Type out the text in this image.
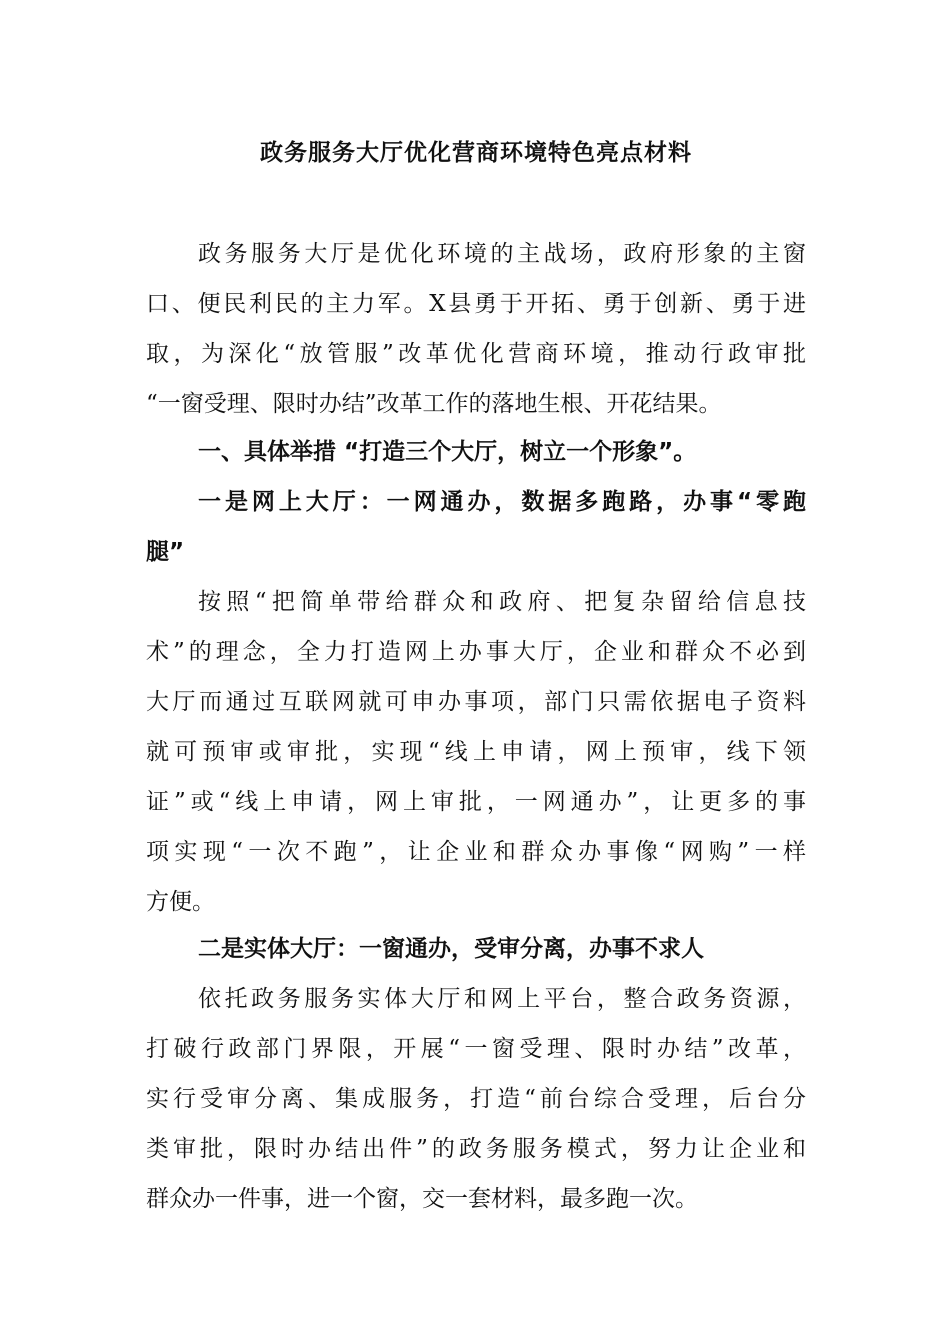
政务服务大厅优化营商环境特色亮点材料
政务服务大厅是优化环境的主战场，政府形象的主窗
口、便民利民的主力军。X县勇于开拓、勇于创新、勇于进
取，为深化“放管服”改革优化营商环境，推动行政审批
“一窗受理、限时办结”改革工作的落地生根、开花结果。
一、具体举措 “打造三个大厅，树立一个形象”。
一是网上大厅：一网通办，数据多跑路，办事“零跑
腿”
按照“把简单带给群众和政府、把复杂留给信息技
术”的理念，全力打造网上办事大厅，企业和群众不必到
大厅而通过互联网就可申办事项，部门只需依据电子资料
就可预审或审批，实现“线上申请，网上预审，线下领
证”或“线上申请，网上审批，一网通办”，让更多的事
项实现“一次不跑”，让企业和群众办事像“网购”一样
方便。
二是实体大厅：一窗通办，受审分离，办事不求人
依托政务服务实体大厅和网上平台，整合政务资源，
打破行政部门界限，开展“一窗受理、限时办结”改革，
实行受审分离、集成服务，打造“前台综合受理，后台分
类审批，限时办结出件”的政务服务模式，努力让企业和
群众办一件事，进一个窗，交一套材料，最多跑一次。
